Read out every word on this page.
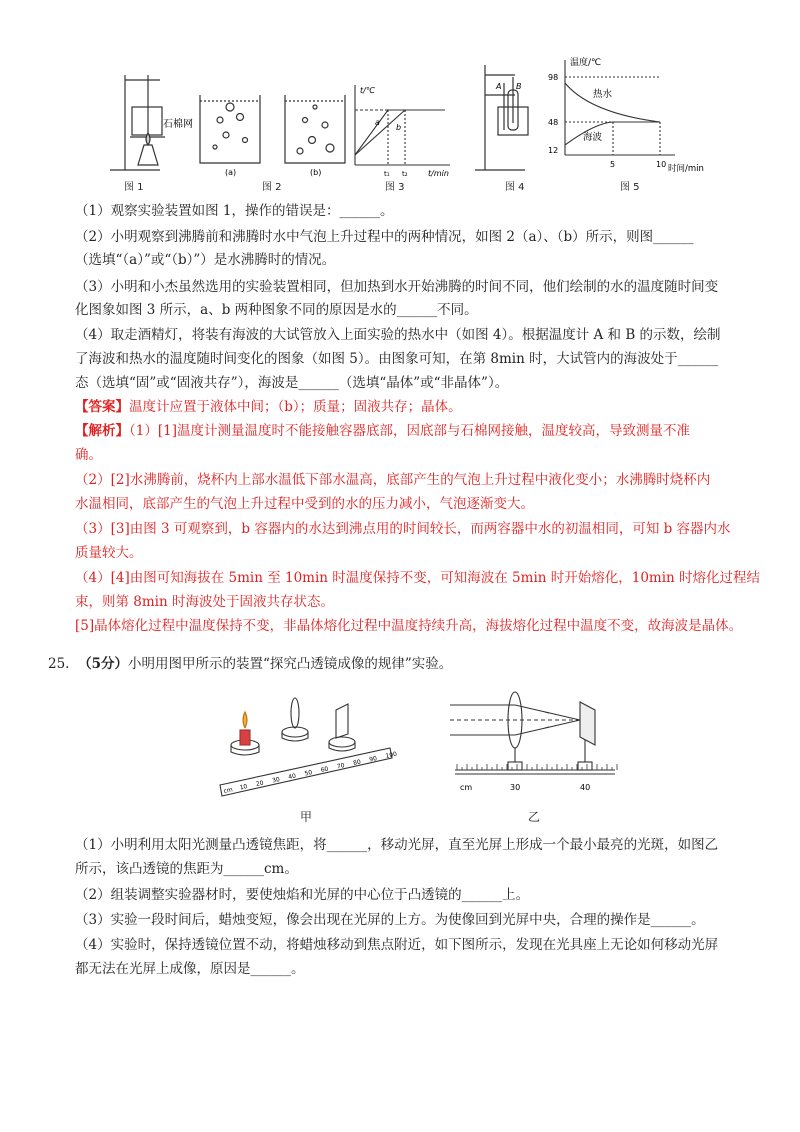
石棉网
(a)	(b)
t/℃
t/min
a
b
t₁ t₂
A B
温度/℃
时间/min
98
48
12
5	10
热水
海波
图 1	图 2	图 3	图 4	图 5
（1）观察实验装置如图 1，操作的错误是：______。
（2）小明观察到沸腾前和沸腾时水中气泡上升过程中的两种情况，如图 2（a）、（b）所示，则图______
（选填“（a）”或“（b）”）是水沸腾时的情况。
（3）小明和小杰虽然选用的实验装置相同，但加热到水开始沸腾的时间不同，他们绘制的水的温度随时间变
化图象如图 3 所示，a、b 两种图象不同的原因是水的______不同。
（4）取走酒精灯，将装有海波的大试管放入上面实验的热水中（如图 4）。根据温度计 A 和 B 的示数，绘制
了海波和热水的温度随时间变化的图象（如图 5）。由图象可知，在第 8min 时，大试管内的海波处于______
态（选填“固”或“固液共存”），海波是______（选填“晶体”或“非晶体”）。
【答案】温度计应置于液体中间；（b）；质量；固液共存；晶体。
【解析】（1）[1]温度计测量温度时不能接触容器底部，因底部与石棉网接触，温度较高，导致测量不准
确。
（2）[2]水沸腾前，烧杯内上部水温低下部水温高，底部产生的气泡上升过程中液化变小；水沸腾时烧杯内
水温相同，底部产生的气泡上升过程中受到的水的压力减小，气泡逐渐变大。
（3）[3]由图 3 可观察到，b 容器内的水达到沸点用的时间较长，而两容器中水的初温相同，可知 b 容器内水
质量较大。
（4）[4]由图可知海拔在 5min 至 10min 时温度保持不变，可知海波在 5min 时开始熔化，10min 时熔化过程结
束，则第 8min 时海波处于固液共存状态。
[5]晶体熔化过程中温度保持不变，非晶体熔化过程中温度持续升高，海拔熔化过程中温度不变，故海波是晶体。
25. （5分）小明用图甲所示的装置“探究凸透镜成像的规律”实验。
cm 10 20 30 40 50 60 70 80 90 100
cm	30	40
甲	乙
（1）小明利用太阳光测量凸透镜焦距，将______，移动光屏，直至光屏上形成一个最小最亮的光斑，如图乙
所示，该凸透镜的焦距为______cm。
（2）组装调整实验器材时，要使烛焰和光屏的中心位于凸透镜的______上。
（3）实验一段时间后，蜡烛变短，像会出现在光屏的上方。为使像回到光屏中央，合理的操作是______。
（4）实验时，保持透镜位置不动，将蜡烛移动到焦点附近，如下图所示，发现在光具座上无论如何移动光屏
都无法在光屏上成像，原因是______。
